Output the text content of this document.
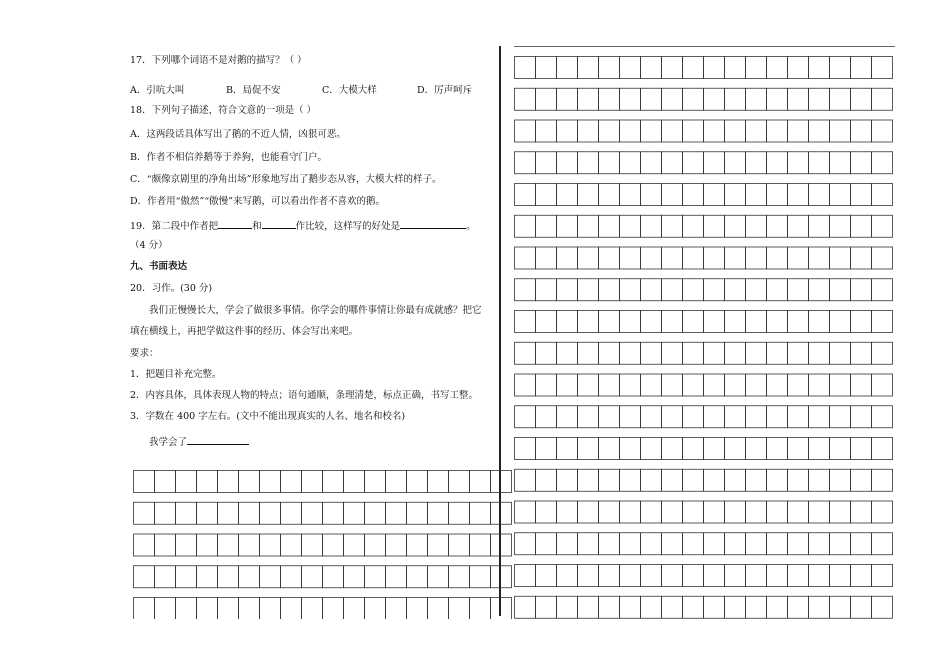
17．下列哪个词语不是对鹅的描写？（ ）
A．引吭大叫	B．局促不安	C．大模大样	D．厉声呵斥
18．下列句子描述，符合文意的一项是（ ）
A．这两段话具体写出了鹅的不近人情，凶狠可恶。
B．作者不相信养鹅等于养狗，也能看守门户。
C．“颇像京剧里的净角出场”形象地写出了鹅步态从容，大模大样的样子。
D．作者用“傲然”“傲慢”来写鹅，可以看出作者不喜欢的鹅。
19．第二段中作者把	和	作比较，这样写的好处是	。
（4 分）
九、书面表达
20．习作。(30 分)
我们正慢慢长大，学会了做很多事情。你学会的哪件事情让你最有成就感？把它
填在横线上，再把学做这件事的经历、体会写出来吧。
要求：
1．把题目补充完整。
2．内容具体，具体表现人物的特点；语句通顺，条理清楚，标点正确，书写工整。
3．字数在 400 字左右。(文中不能出现真实的人名、地名和校名)
我学会了
